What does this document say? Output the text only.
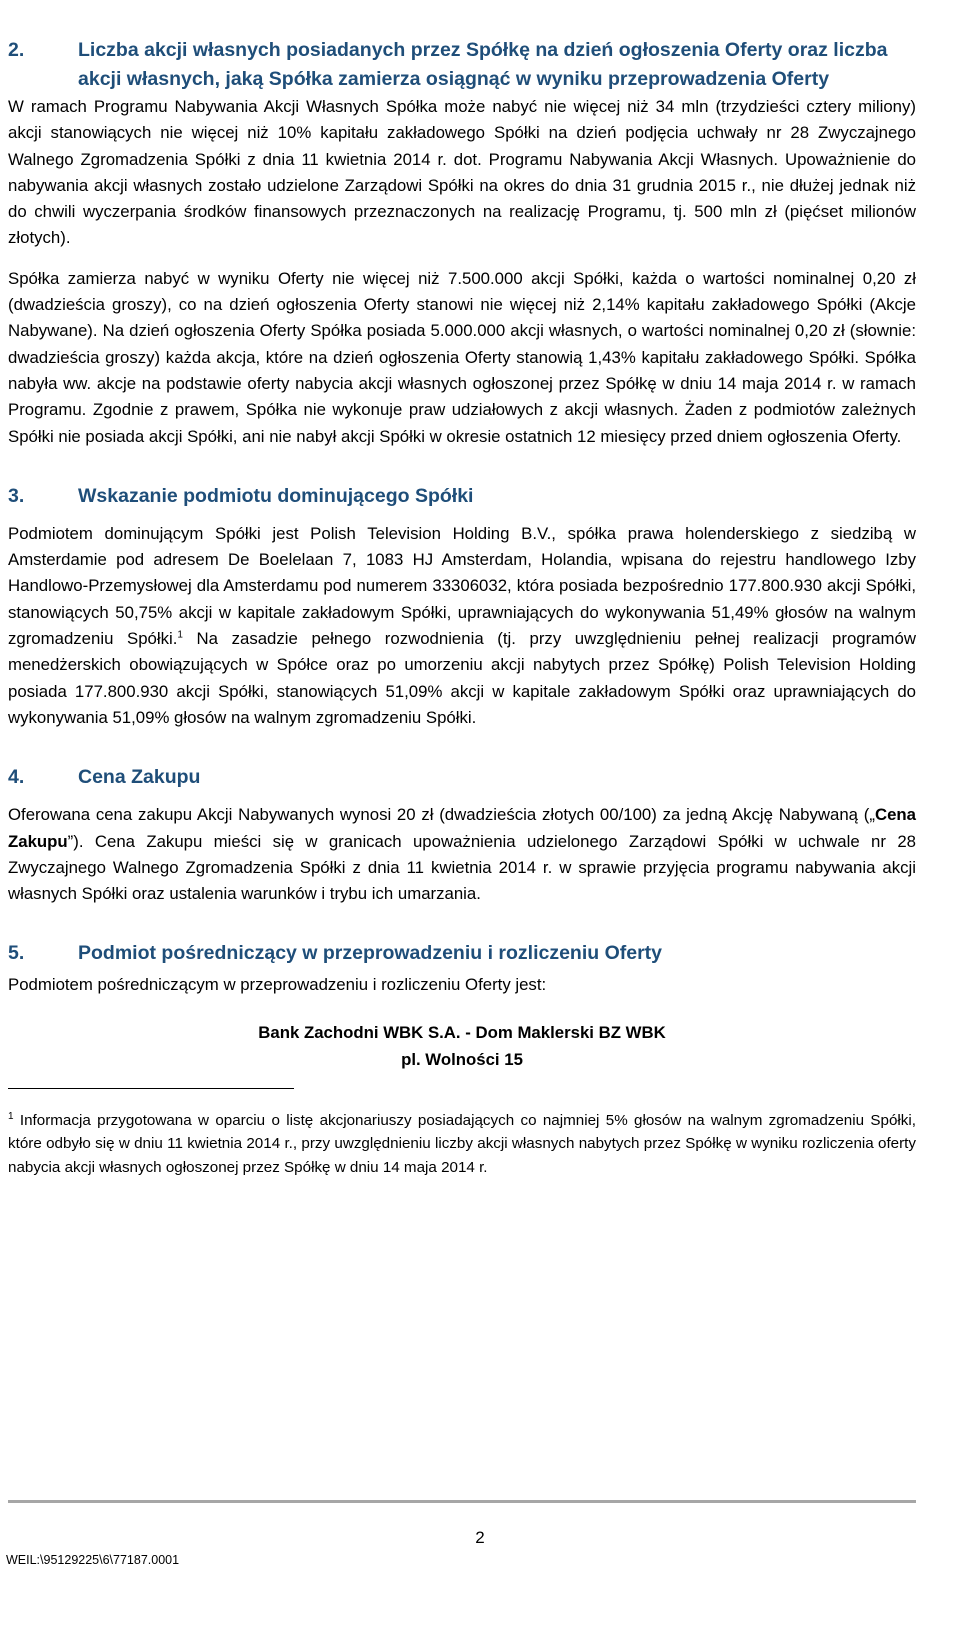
2.	Liczba akcji własnych posiadanych przez Spółkę na dzień ogłoszenia Oferty oraz liczba akcji własnych, jaką Spółka zamierza osiągnąć w wyniku przeprowadzenia Oferty

W ramach Programu Nabywania Akcji Własnych Spółka może nabyć nie więcej niż 34 mln (trzydzieści cztery miliony) akcji stanowiących nie więcej niż 10% kapitału zakładowego Spółki na dzień podjęcia uchwały nr 28 Zwyczajnego Walnego Zgromadzenia Spółki z dnia 11 kwietnia 2014 r. dot. Programu Nabywania Akcji Własnych. Upoważnienie do nabywania akcji własnych zostało udzielone Zarządowi Spółki na okres do dnia 31 grudnia 2015 r., nie dłużej jednak niż do chwili wyczerpania środków finansowych przeznaczonych na realizację Programu, tj. 500 mln zł (pięćset milionów złotych).

Spółka zamierza nabyć w wyniku Oferty nie więcej niż 7.500.000 akcji Spółki, każda o wartości nominalnej 0,20 zł (dwadzieścia groszy), co na dzień ogłoszenia Oferty stanowi nie więcej niż 2,14% kapitału zakładowego Spółki (Akcje Nabywane). Na dzień ogłoszenia Oferty Spółka posiada 5.000.000 akcji własnych, o wartości nominalnej 0,20 zł (słownie: dwadzieścia groszy) każda akcja, które na dzień ogłoszenia Oferty stanowią 1,43% kapitału zakładowego Spółki. Spółka nabyła ww. akcje na podstawie oferty nabycia akcji własnych ogłoszonej przez Spółkę w dniu 14 maja 2014 r. w ramach Programu. Zgodnie z prawem, Spółka nie wykonuje praw udziałowych z akcji własnych. Żaden z podmiotów zależnych Spółki nie posiada akcji Spółki, ani nie nabył akcji Spółki w okresie ostatnich 12 miesięcy przed dniem ogłoszenia Oferty.

3.	Wskazanie podmiotu dominującego Spółki

Podmiotem dominującym Spółki jest Polish Television Holding B.V., spółka prawa holenderskiego z siedzibą w Amsterdamie pod adresem De Boelelaan 7, 1083 HJ Amsterdam, Holandia, wpisana do rejestru handlowego Izby Handlowo-Przemysłowej dla Amsterdamu pod numerem 33306032, która posiada bezpośrednio 177.800.930 akcji Spółki, stanowiących 50,75% akcji w kapitale zakładowym Spółki, uprawniających do wykonywania 51,49% głosów na walnym zgromadzeniu Spółki.$^1$ Na zasadzie pełnego rozwodnienia (tj. przy uwzględnieniu pełnej realizacji programów menedżerskich obowiązujących w Spółce oraz po umorzeniu akcji nabytych przez Spółkę) Polish Television Holding posiada 177.800.930 akcji Spółki, stanowiących 51,09% akcji w kapitale zakładowym Spółki oraz uprawniających do wykonywania 51,09% głosów na walnym zgromadzeniu Spółki.

4.	Cena Zakupu

Oferowana cena zakupu Akcji Nabywanych wynosi 20 zł (dwadzieścia złotych 00/100) za jedną Akcję Nabywaną („Cena Zakupu”). Cena Zakupu mieści się w granicach upoważnienia udzielonego Zarządowi Spółki w uchwale nr 28 Zwyczajnego Walnego Zgromadzenia Spółki z dnia 11 kwietnia 2014 r. w sprawie przyjęcia programu nabywania akcji własnych Spółki oraz ustalenia warunków i trybu ich umarzania.

5.	Podmiot pośredniczący w przeprowadzeniu i rozliczeniu Oferty

Podmiotem pośredniczącym w przeprowadzeniu i rozliczeniu Oferty jest:

Bank Zachodni WBK S.A. - Dom Maklerski BZ WBK
pl. Wolności 15

$^1$ Informacja przygotowana w oparciu o listę akcjonariuszy posiadających co najmniej 5% głosów na walnym zgromadzeniu Spółki, które odbyło się w dniu 11 kwietnia 2014 r., przy uwzględnieniu liczby akcji własnych nabytych przez Spółkę w wyniku rozliczenia oferty nabycia akcji własnych ogłoszonej przez Spółkę w dniu 14 maja 2014 r.

2
WEIL:\95129225\6\77187.0001
